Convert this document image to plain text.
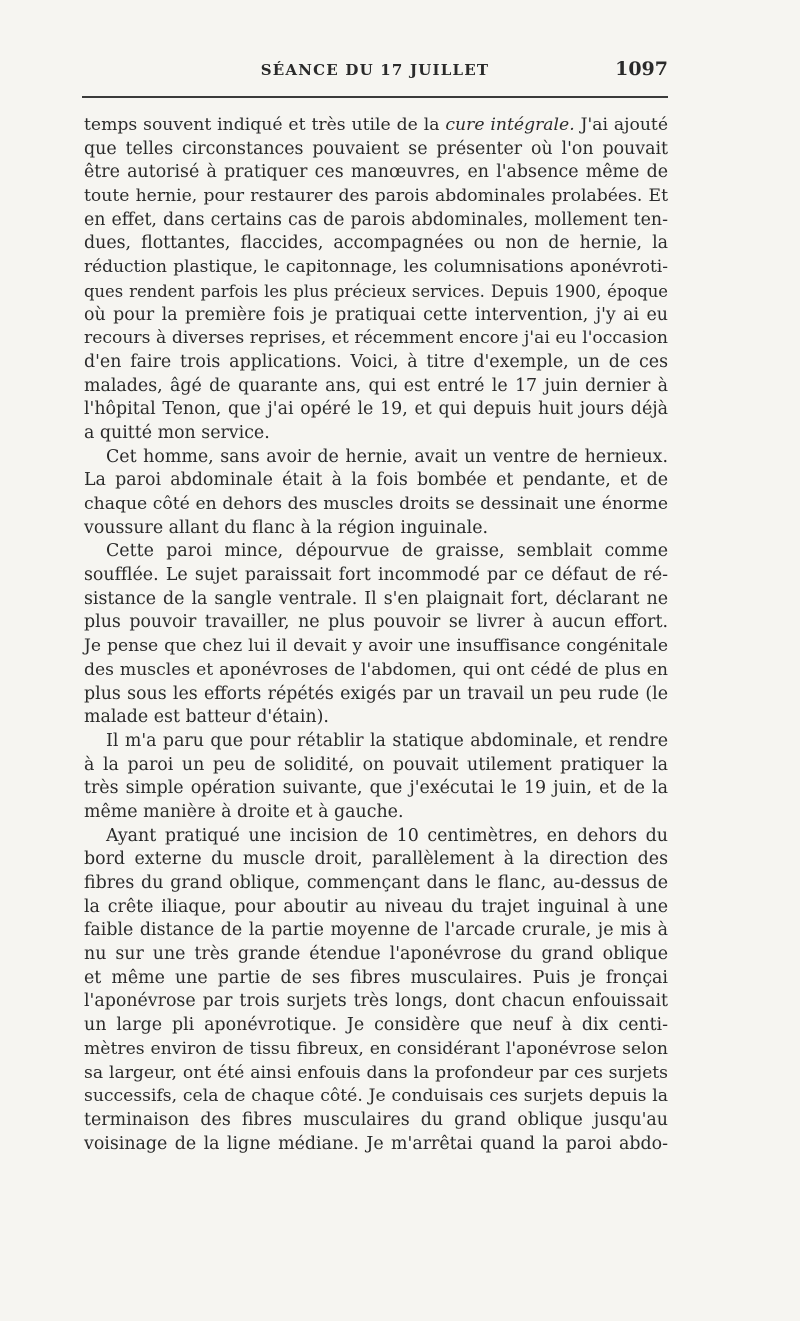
SÉANCE DU 17 JUILLET	1097
temps souvent indiqué et très utile de la cure intégrale. J'ai ajouté
que telles circonstances pouvaient se présenter où l'on pouvait
être autorisé à pratiquer ces manœuvres, en l'absence même de
toute hernie, pour restaurer des parois abdominales prolabées. Et
en effet, dans certains cas de parois abdominales, mollement ten-
dues, flottantes, flaccides, accompagnées ou non de hernie, la
réduction plastique, le capitonnage, les columnisations aponévroti-
ques rendent parfois les plus précieux services. Depuis 1900, époque
où pour la première fois je pratiquai cette intervention, j'y ai eu
recours à diverses reprises, et récemment encore j'ai eu l'occasion
d'en faire trois applications. Voici, à titre d'exemple, un de ces
malades, âgé de quarante ans, qui est entré le 17 juin dernier à
l'hôpital Tenon, que j'ai opéré le 19, et qui depuis huit jours déjà
a quitté mon service.
Cet homme, sans avoir de hernie, avait un ventre de hernieux.
La paroi abdominale était à la fois bombée et pendante, et de
chaque côté en dehors des muscles droits se dessinait une énorme
voussure allant du flanc à la région inguinale.
Cette paroi mince, dépourvue de graisse, semblait comme
soufflée. Le sujet paraissait fort incommodé par ce défaut de ré-
sistance de la sangle ventrale. Il s'en plaignait fort, déclarant ne
plus pouvoir travailler, ne plus pouvoir se livrer à aucun effort.
Je pense que chez lui il devait y avoir une insuffisance congénitale
des muscles et aponévroses de l'abdomen, qui ont cédé de plus en
plus sous les efforts répétés exigés par un travail un peu rude (le
malade est batteur d'étain).
Il m'a paru que pour rétablir la statique abdominale, et rendre
à la paroi un peu de solidité, on pouvait utilement pratiquer la
très simple opération suivante, que j'exécutai le 19 juin, et de la
même manière à droite et à gauche.
Ayant pratiqué une incision de 10 centimètres, en dehors du
bord externe du muscle droit, parallèlement à la direction des
fibres du grand oblique, commençant dans le flanc, au-dessus de
la crête iliaque, pour aboutir au niveau du trajet inguinal à une
faible distance de la partie moyenne de l'arcade crurale, je mis à
nu sur une très grande étendue l'aponévrose du grand oblique
et même une partie de ses fibres musculaires. Puis je fronçai
l'aponévrose par trois surjets très longs, dont chacun enfouissait
un large pli aponévrotique. Je considère que neuf à dix centi-
mètres environ de tissu fibreux, en considérant l'aponévrose selon
sa largeur, ont été ainsi enfouis dans la profondeur par ces surjets
successifs, cela de chaque côté. Je conduisais ces surjets depuis la
terminaison des fibres musculaires du grand oblique jusqu'au
voisinage de la ligne médiane. Je m'arrêtai quand la paroi abdo-
